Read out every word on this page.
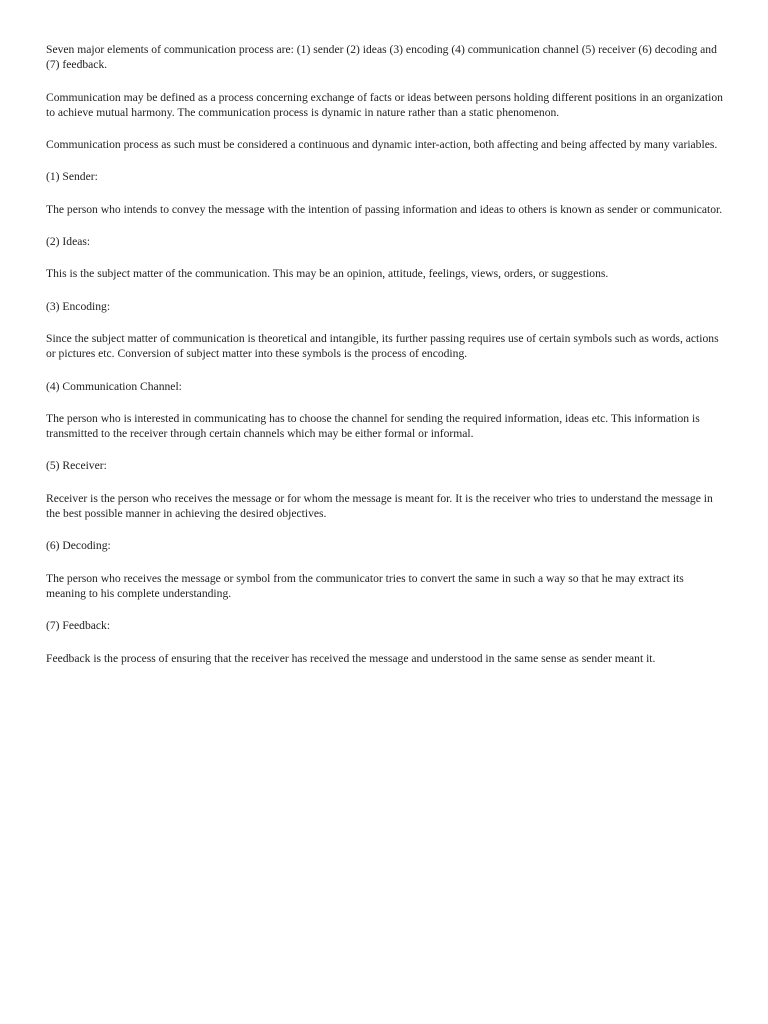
Seven major elements of communication process are: (1) sender (2) ideas (3) encoding (4) communication channel (5) receiver (6) decoding and (7) feedback.

Communication may be defined as a process concerning exchange of facts or ideas between persons holding different positions in an organization to achieve mutual harmony. The communication process is dynamic in nature rather than a static phenomenon.

Communication process as such must be considered a continuous and dynamic inter-action, both affecting and being affected by many variables.

(1) Sender:

The person who intends to convey the message with the intention of passing information and ideas to others is known as sender or communicator.

(2) Ideas:

This is the subject matter of the communication. This may be an opinion, attitude, feelings, views, orders, or suggestions.

(3) Encoding:

Since the subject matter of communication is theoretical and intangible, its further passing requires use of certain symbols such as words, actions or pictures etc. Conversion of subject matter into these symbols is the process of encoding.

(4) Communication Channel:

The person who is interested in communicating has to choose the channel for sending the required information, ideas etc. This information is transmitted to the receiver through certain channels which may be either formal or informal.

(5) Receiver:

Receiver is the person who receives the message or for whom the message is meant for. It is the receiver who tries to understand the message in the best possible manner in achieving the desired objectives.

(6) Decoding:

The person who receives the message or symbol from the communicator tries to convert the same in such a way so that he may extract its meaning to his complete understanding.

(7) Feedback:

Feedback is the process of ensuring that the receiver has received the message and understood in the same sense as sender meant it.
